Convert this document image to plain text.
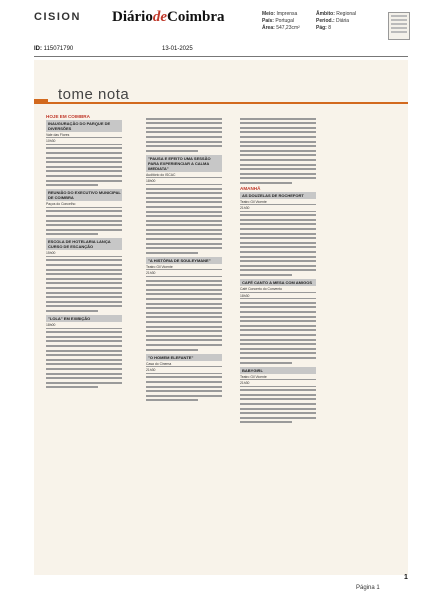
CISION DiáriodeCoimbra	Meio: Imprensa
País: Portugal
Área: 547,23cm²
Âmbito: Regional
Period.: Diária
Pág: 8
ID: 115071790	13-01-2025
tome nota
HOJE EM COIMBRA
INAUGURAÇÃO DO PARQUE DE DIVERSÕES
Vale das Flores
10h30
REUNIÃO DO EXECUTIVO MUNICIPAL DE COIMBRA
Paços do Concelho
ESCOLA DE HOTELARIA LANÇA CURSO DE ESCANÇÃO
15h00
"LOLA" EM EXIBIÇÃO
18h00
"PAUSA E EFEITO UMA SESSÃO PARA EXPERIENCIAR A CALMA IMEDIATA"
Auditório do ISCAC
18h00
"A HISTÓRIA DE SOULEYMANE"
Teatro Gil Vicente
21h30
"O HOMEM ELEFANTE"
Casa do Cinema
21h30
AMANHÃ
AS DOUZELAS DE ROCHEFORT
Teatro Gil Vicente
21h30
CAFÉ CANTO A MESA COM AMIGOS
Café Concerto do Convento
18h30
BABYGIRL
Teatro Gil Vicente
21h30
1
Página 1
